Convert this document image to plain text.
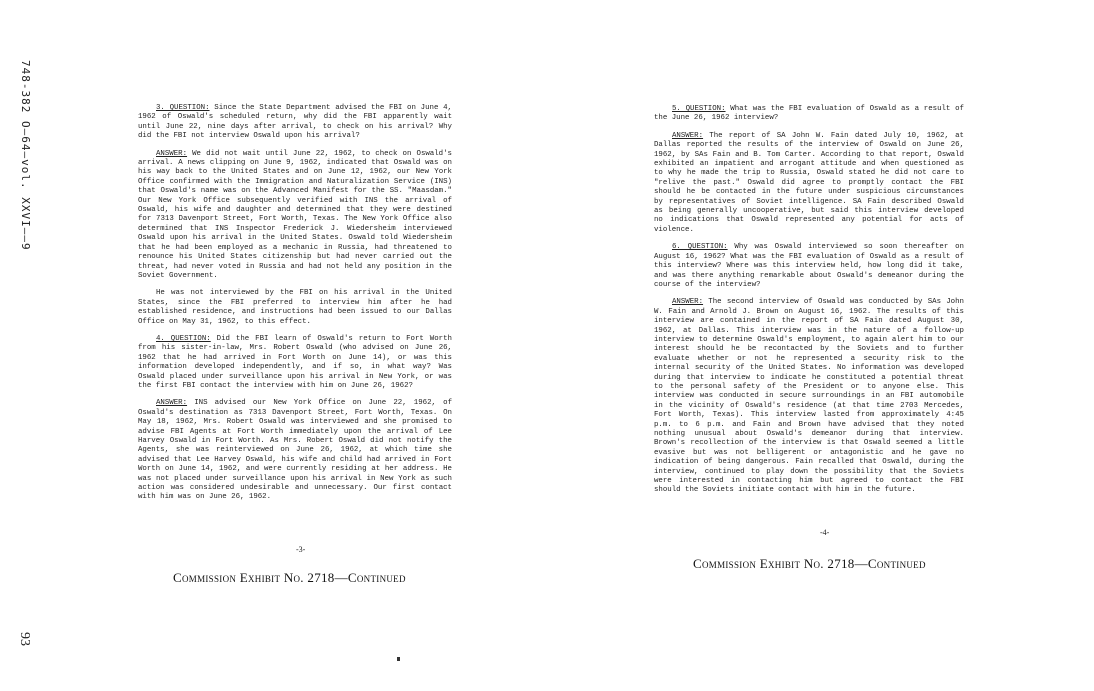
748-382 O—64—vol. XXVI——9
93

3. QUESTION: Since the State Department advised the FBI on June 4, 1962 of Oswald's scheduled return, why did the FBI apparently wait until June 22, nine days after arrival, to check on his arrival? Why did the FBI not interview Oswald upon his arrival?

ANSWER: We did not wait until June 22, 1962, to check on Oswald's arrival. A news clipping on June 9, 1962, indicated that Oswald was on his way back to the United States and on June 12, 1962, our New York Office confirmed with the Immigration and Naturalization Service (INS) that Oswald's name was on the Advanced Manifest for the SS. "Maasdam." Our New York Office subsequently verified with INS the arrival of Oswald, his wife and daughter and determined that they were destined for 7313 Davenport Street, Fort Worth, Texas. The New York Office also determined that INS Inspector Frederick J. Wiedersheim interviewed Oswald upon his arrival in the United States. Oswald told Wiedersheim that he had been employed as a mechanic in Russia, had threatened to renounce his United States citizenship but had never carried out the threat, had never voted in Russia and had not held any position in the Soviet Government.

He was not interviewed by the FBI on his arrival in the United States, since the FBI preferred to interview him after he had established residence, and instructions had been issued to our Dallas Office on May 31, 1962, to this effect.

4. QUESTION: Did the FBI learn of Oswald's return to Fort Worth from his sister-in-law, Mrs. Robert Oswald (who advised on June 26, 1962 that he had arrived in Fort Worth on June 14), or was this information developed independently, and if so, in what way? Was Oswald placed under surveillance upon his arrival in New York, or was the first FBI contact the interview with him on June 26, 1962?

ANSWER: INS advised our New York Office on June 22, 1962, of Oswald's destination as 7313 Davenport Street, Fort Worth, Texas. On May 18, 1962, Mrs. Robert Oswald was interviewed and she promised to advise FBI Agents at Fort Worth immediately upon the arrival of Lee Harvey Oswald in Fort Worth. As Mrs. Robert Oswald did not notify the Agents, she was reinterviewed on June 26, 1962, at which time she advised that Lee Harvey Oswald, his wife and child had arrived in Fort Worth on June 14, 1962, and were currently residing at her address. He was not placed under surveillance upon his arrival in New York as such action was considered undesirable and unnecessary. Our first contact with him was on June 26, 1962.

-3-
Commission Exhibit No. 2718—Continued

5. QUESTION: What was the FBI evaluation of Oswald as a result of the June 26, 1962 interview?

ANSWER: The report of SA John W. Fain dated July 10, 1962, at Dallas reported the results of the interview of Oswald on June 26, 1962, by SAs Fain and B. Tom Carter. According to that report, Oswald exhibited an impatient and arrogant attitude and when questioned as to why he made the trip to Russia, Oswald stated he did not care to "relive the past." Oswald did agree to promptly contact the FBI should he be contacted in the future under suspicious circumstances by representatives of Soviet intelligence. SA Fain described Oswald as being generally uncooperative, but said this interview developed no indications that Oswald represented any potential for acts of violence.

6. QUESTION: Why was Oswald interviewed so soon thereafter on August 16, 1962? What was the FBI evaluation of Oswald as a result of this interview? Where was this interview held, how long did it take, and was there anything remarkable about Oswald's demeanor during the course of the interview?

ANSWER: The second interview of Oswald was conducted by SAs John W. Fain and Arnold J. Brown on August 16, 1962. The results of this interview are contained in the report of SA Fain dated August 30, 1962, at Dallas. This interview was in the nature of a follow-up interview to determine Oswald's employment, to again alert him to our interest should he be recontacted by the Soviets and to further evaluate whether or not he represented a security risk to the internal security of the United States. No information was developed during that interview to indicate he constituted a potential threat to the personal safety of the President or to anyone else. This interview was conducted in secure surroundings in an FBI automobile in the vicinity of Oswald's residence (at that time 2703 Mercedes, Fort Worth, Texas). This interview lasted from approximately 4:45 p.m. to 6 p.m. and Fain and Brown have advised that they noted nothing unusual about Oswald's demeanor during that interview. Brown's recollection of the interview is that Oswald seemed a little evasive but was not belligerent or antagonistic and he gave no indication of being dangerous. Fain recalled that Oswald, during the interview, continued to play down the possibility that the Soviets were interested in contacting him but agreed to contact the FBI should the Soviets initiate contact with him in the future.

-4-
Commission Exhibit No. 2718—Continued
